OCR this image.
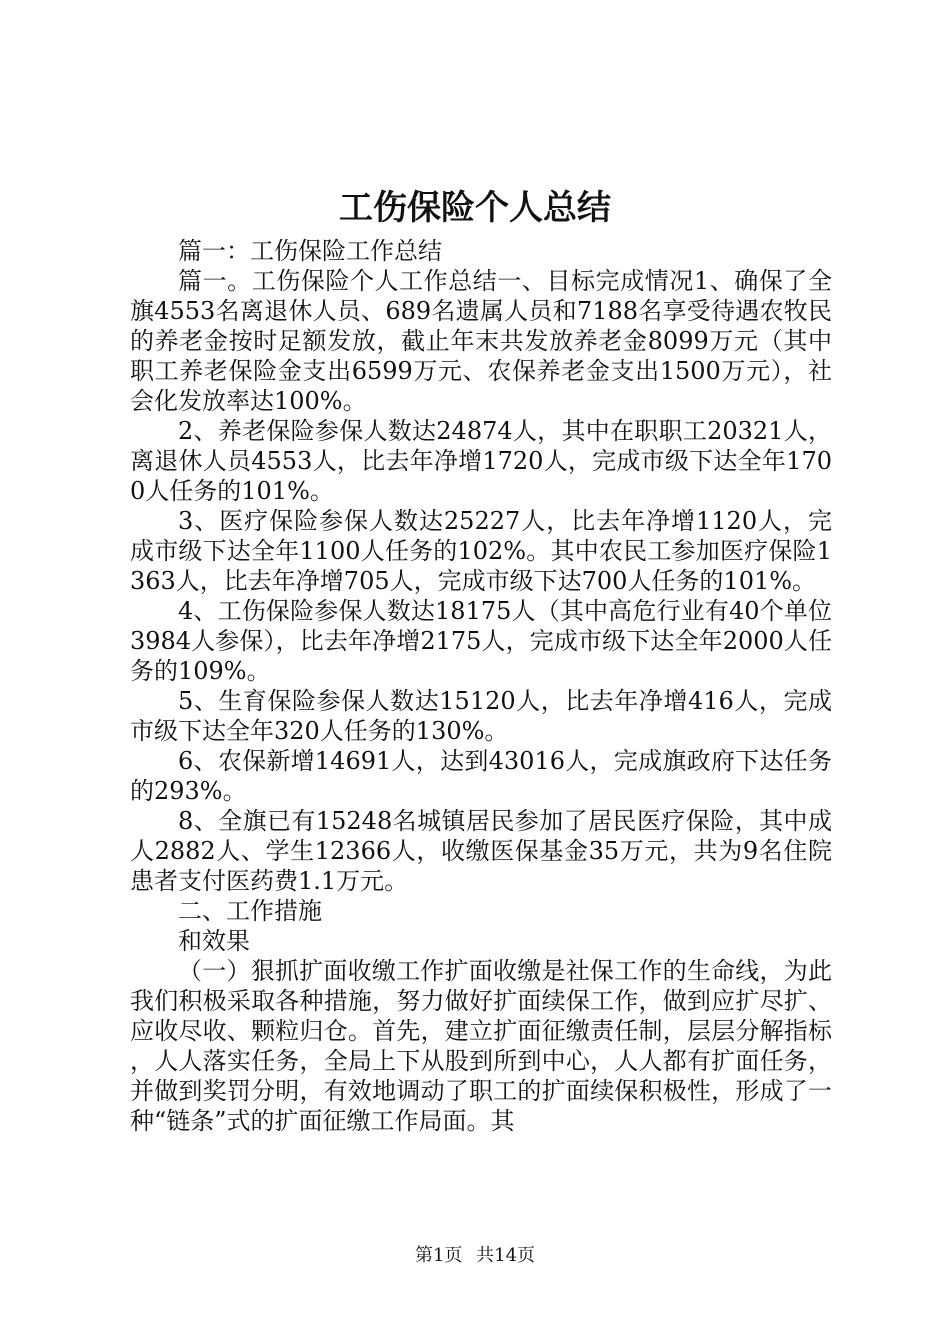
工伤保险个人总结

篇一：工伤保险工作总结

篇一。工伤保险个人工作总结一、目标完成情况1、确保了全旗4553名离退休人员、689名遗属人员和7188名享受待遇农牧民的养老金按时足额发放，截止年末共发放养老金8099万元（其中职工养老保险金支出6599万元、农保养老金支出1500万元），社会化发放率达100%。

2、养老保险参保人数达24874人，其中在职职工20321人，离退休人员4553人，比去年净增1720人，完成市级下达全年1700人任务的101%。

3、医疗保险参保人数达25227人，比去年净增1120人，完成市级下达全年1100人任务的102%。其中农民工参加医疗保险1363人，比去年净增705人，完成市级下达700人任务的101%。

4、工伤保险参保人数达18175人（其中高危行业有40个单位3984人参保），比去年净增2175人，完成市级下达全年2000人任务的109%。

5、生育保险参保人数达15120人，比去年净增416人，完成市级下达全年320人任务的130%。

6、农保新增14691人，达到43016人，完成旗政府下达任务的293%。

8、全旗已有15248名城镇居民参加了居民医疗保险，其中成人2882人、学生12366人，收缴医保基金35万元，共为9名住院患者支付医药费1.1万元。

二、工作措施

和效果

（一）狠抓扩面收缴工作扩面收缴是社保工作的生命线，为此我们积极采取各种措施，努力做好扩面续保工作，做到应扩尽扩、应收尽收、颗粒归仓。首先，建立扩面征缴责任制，层层分解指标，人人落实任务，全局上下从股到所到中心，人人都有扩面任务，并做到奖罚分明，有效地调动了职工的扩面续保积极性，形成了一种“链条”式的扩面征缴工作局面。其

第1页 共14页
